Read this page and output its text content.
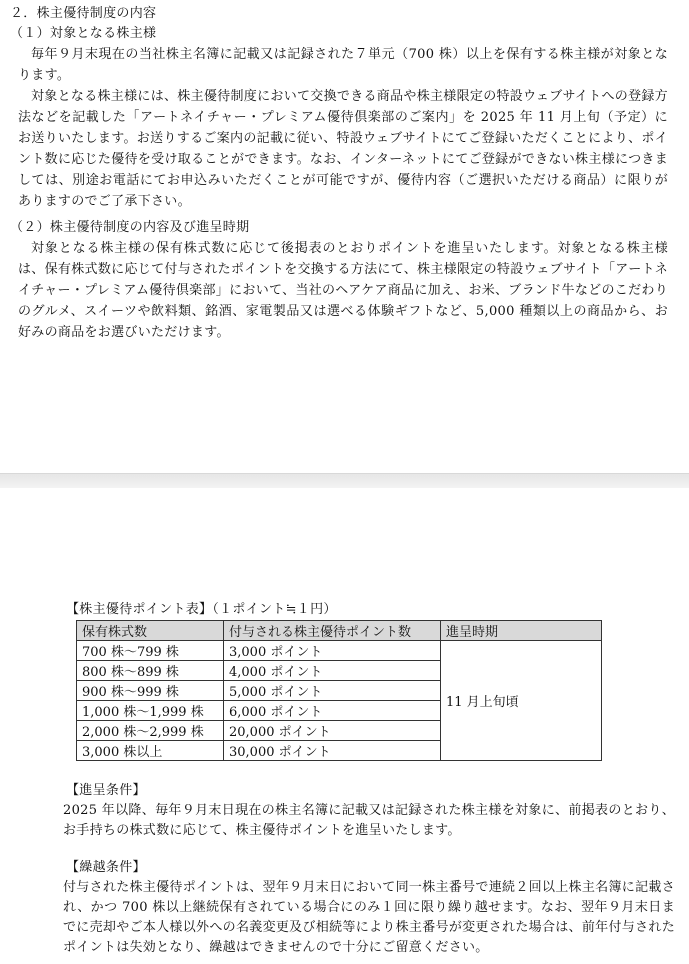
２．株主優待制度の内容
（１）対象となる株主様
毎年９月末現在の当社株主名簿に記載又は記録された７単元（700 株）以上を保有する株主様が対象となります。
対象となる株主様には、株主優待制度において交換できる商品や株主様限定の特設ウェブサイトへの登録方法などを記載した「アートネイチャー・プレミアム優待倶楽部のご案内」を 2025 年 11 月上旬（予定）にお送りいたします。お送りするご案内の記載に従い、特設ウェブサイトにてご登録いただくことにより、ポイント数に応じた優待を受け取ることができます。なお、インターネットにてご登録ができない株主様につきましては、別途お電話にてお申込みいただくことが可能ですが、優待内容（ご選択いただける商品）に限りがありますのでご了承下さい。
（２）株主優待制度の内容及び進呈時期
対象となる株主様の保有株式数に応じて後掲表のとおりポイントを進呈いたします。対象となる株主様は、保有株式数に応じて付与されたポイントを交換する方法にて、株主様限定の特設ウェブサイト「アートネイチャー・プレミアム優待倶楽部」において、当社のヘアケア商品に加え、お米、ブランド牛などのこだわりのグルメ、スイーツや飲料類、銘酒、家電製品又は選べる体験ギフトなど、5,000 種類以上の商品から、お好みの商品をお選びいただけます。
【株主優待ポイント表】（１ポイント≒１円）
保有株式数	付与される株主優待ポイント数	進呈時期
700 株～799 株	3,000 ポイント	11 月上旬頃
800 株～899 株	4,000 ポイント	
900 株～999 株	5,000 ポイント	
1,000 株～1,999 株	6,000 ポイント	
2,000 株～2,999 株	20,000 ポイント	
3,000 株以上	30,000 ポイント	
【進呈条件】
2025 年以降、毎年９月末日現在の株主名簿に記載又は記録された株主様を対象に、前掲表のとおり、お手持ちの株式数に応じて、株主優待ポイントを進呈いたします。
【繰越条件】
付与された株主優待ポイントは、翌年９月末日において同一株主番号で連続２回以上株主名簿に記載され、かつ 700 株以上継続保有されている場合にのみ１回に限り繰り越せます。なお、翌年９月末日までに売却やご本人様以外への名義変更及び相続等により株主番号が変更された場合は、前年付与されたポイントは失効となり、繰越はできませんので十分にご留意ください。
